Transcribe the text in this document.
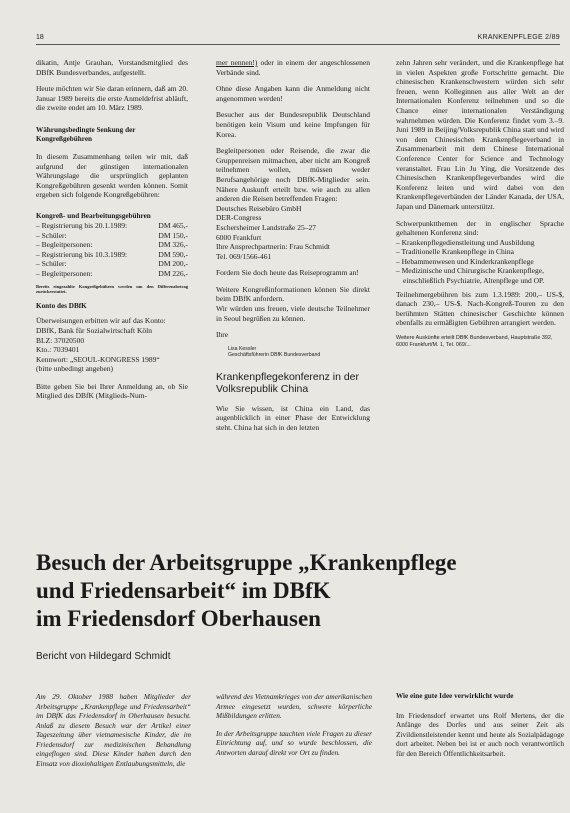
18	KRANKENPFLEGE 2/89

dikatin, Antje Grauhan, Vorstandsmitglied des DBfK Bundesverbandes, aufgestellt.

Heute möchten wir Sie daran erinnern, daß am 20. Januar 1989 bereits die erste Anmeldefrist abläuft, die zweite endet am 10. März 1989.

Währungsbedingte Senkung der Kongreßgebühren

In diesem Zusammenhang teilen wir mit, daß aufgrund der günstigen internationalen Währungslage die ursprünglich geplanten Kongreßgebühren gesenkt werden können. Somit ergeben sich folgende Kongreßgebühren:

Kongreß- und Bearbeitungsgebühren
– Registrierung bis 20.1.1989:	DM 465,-
– Schüler:	DM 150,-
– Begleitpersonen:	DM 326,-
– Registrierung bis 10.3.1989:	DM 590,-
– Schüler:	DM 200,-
– Begleitpersonen:	DM 226,-

Bereits eingezahlte Kongreßgebühren werden um den Differenzbetrag zurückerstattet.

Konto des DBfK

Überweisungen erbitten wir auf das Konto:

DBfK, Bank für Sozialwirtschaft Köln
BLZ: 37020500
Kto.: 7039401
Kennwort: „SEOUL-KONGRESS 1989“
(bitte unbedingt angeben)

Bitte geben Sie bei Ihrer Anmeldung an, ob Sie Mitglied des DBfK (Mitglieds-Num-

mer nennen!) oder in einem der angeschlossenen Verbände sind.

Ohne diese Angaben kann die Anmeldung nicht angenommen werden!

Besucher aus der Bundesrepublik Deutschland benötigen kein Visum und keine Impfungen für Korea.

Begleitpersonen oder Reisende, die zwar die Gruppenreisen mitmachen, aber nicht am Kongreß teilnehmen wollen, müssen weder Berufsangehörige noch DBfK-Mitglieder sein. Nähere Auskunft erteilt bzw. wie auch zu allen anderen die Reisen betreffenden Fragen:

Deutsches Reisebüro GmbH
DER-Congress
Eschersheimer Landstraße 25–27
6000 Frankfurt
Ihre Ansprechpartnerin: Frau Schmidt
Tel. 069/1566-461

Fordern Sie doch heute das Reiseprogramm an!

Weitere Kongreßinformationen können Sie direkt beim DBfK anfordern.

Wir würden uns freuen, viele deutsche Teilnehmer in Seoul begrüßen zu können.

Ihre

Lisa Kessler
Geschäftsführerin DBfK Bundesverband
Krankenpflegekonferenz in der Volksrepublik China

Wie Sie wissen, ist China ein Land, das augenblicklich in einer Phase der Entwicklung steht. China hat sich in den letzten

zehn Jahren sehr verändert, und die Krankenpflege hat in vielen Aspekten große Fortschritte gemacht. Die chinesischen Krankenschwestern würden sich sehr freuen, wenn Kolleginnen aus aller Welt an der Internationalen Konferenz teilnehmen und so die Chance einer internationalen Verständigung wahrnehmen würden. Die Konferenz findet vom 3.–9. Juni 1989 in Beijing/Volksrepublik China statt und wird von dem Chinesischen Krankenpflegeverband in Zusammenarbeit mit dem Chinese International Conference Center for Science and Technology veranstaltet. Frau Lin Ju Ying, die Vorsitzende des Chinesischen Krankenpflegeverbandes wird die Konferenz leiten und wird dabei von den Krankenpflegeverbänden der Länder Kanada, der USA, Japan und Dänemark unterstützt.

Schwerpunktthemen der in englischer Sprache gehaltenen Konferenz sind:

– Krankenpflegedienstleitung und Ausbildung
– Traditionelle Krankenpflege in China
– Hebammenwesen und Kinderkrankenpflege
– Medizinische und Chirurgische Krankenpflege, einschließlich Psychiatrie, Altenpflege und OP.

Teilnehmergebühren bis zum 1.3.1989: 200,– US-$, danach 230,– US-$. Nach-Kongreß-Touren zu den berühmten Stätten chinesischer Geschichte können ebenfalls zu ermäßigten Gebühren arrangiert werden.

Weitere Auskünfte erteilt DBfK Bundesverband, Hauptstraße 392, 6000 Frankfurt/M. 1, Tel. 069/...
Besuch der Arbeitsgruppe „Krankenpflege
und Friedensarbeit“ im DBfK
im Friedensdorf Oberhausen
Bericht von Hildegard Schmidt

Am 29. Oktober 1988 haben Mitglieder der Arbeitsgruppe „Krankenpflege und Friedensarbeit“ im DBfK das Friedensdorf in Oberhausen besucht. Anlaß zu diesem Besuch war der Artikel einer Tageszeitung über vietnamesische Kinder, die im Friedensdorf zur medizinischen Behandlung eingeflogen sind. Diese Kinder haben durch den Einsatz von dioxinhaltigen Entlaubungsmitteln, die

während des Vietnamkrieges von der amerikanischen Armee eingesetzt wurden, schwere körperliche Mißbildungen erlitten.

In der Arbeitsgruppe tauchten viele Fragen zu dieser Einrichtung auf, und so wurde beschlossen, die Antworten darauf direkt vor Ort zu finden.

Wie eine gute Idee verwirklicht wurde

Im Friedensdorf erwartet uns Rolf Mertens, der die Anfänge des Dorfes und aus seiner Zeit als Zivildienstleistender kennt und heute als Sozialpädagoge dort arbeitet. Neben bei ist er auch noch verantwortlich für den Bereich Öffentlichkeitsarbeit.
